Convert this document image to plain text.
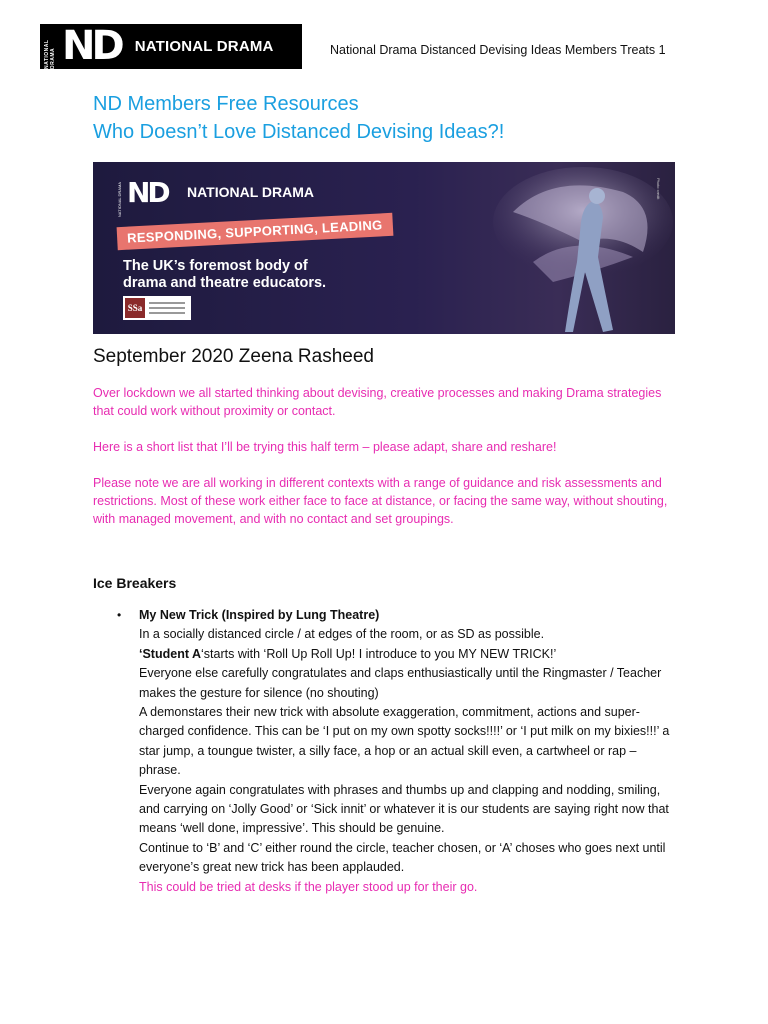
NATIONAL DRAMA ND NATIONAL DRAMA	National Drama Distanced Devising Ideas Members Treats 1
ND Members Free Resources
Who Doesn’t Love Distanced Devising Ideas?!
NATIONAL DRAMA ND NATIONAL DRAMA
RESPONDING, SUPPORTING, LEADING
The UK’s foremost body of
drama and theatre educators.
SSa
Photo credit
September 2020 Zeena Rasheed
Over lockdown we all started thinking about devising, creative processes and making Drama strategies that could work without proximity or contact.
Here is a short list that I’ll be trying this half term – please adapt, share and reshare!
Please note we are all working in different contexts with a range of guidance and risk assessments and restrictions. Most of these work either face to face at distance, or facing the same way, without shouting, with managed movement, and with no contact and set groupings.
Ice Breakers
• My New Trick (Inspired by Lung Theatre)

In a socially distanced circle / at edges of the room, or as SD as possible.

‘Student A‘starts with ‘Roll Up Roll Up! I introduce to you MY NEW TRICK!’

Everyone else carefully congratulates and claps enthusiastically until the Ringmaster / Teacher makes the gesture for silence (no shouting)

A demonstares their new trick with absolute exaggeration, commitment, actions and super-charged confidence. This can be ‘I put on my own spotty socks!!!!’ or ‘I put milk on my bixies!!!’ a star jump, a toungue twister, a silly face, a hop or an actual skill even, a cartwheel or rap – phrase.

Everyone again congratulates with phrases and thumbs up and clapping and nodding, smiling, and carrying on ‘Jolly Good’ or ‘Sick innit’ or whatever it is our students are saying right now that means ‘well done, impressive’. This should be genuine.

Continue to ‘B’ and ‘C’ either round the circle, teacher chosen, or ‘A’ choses who goes next until everyone’s great new trick has been applauded.

This could be tried at desks if the player stood up for their go.
